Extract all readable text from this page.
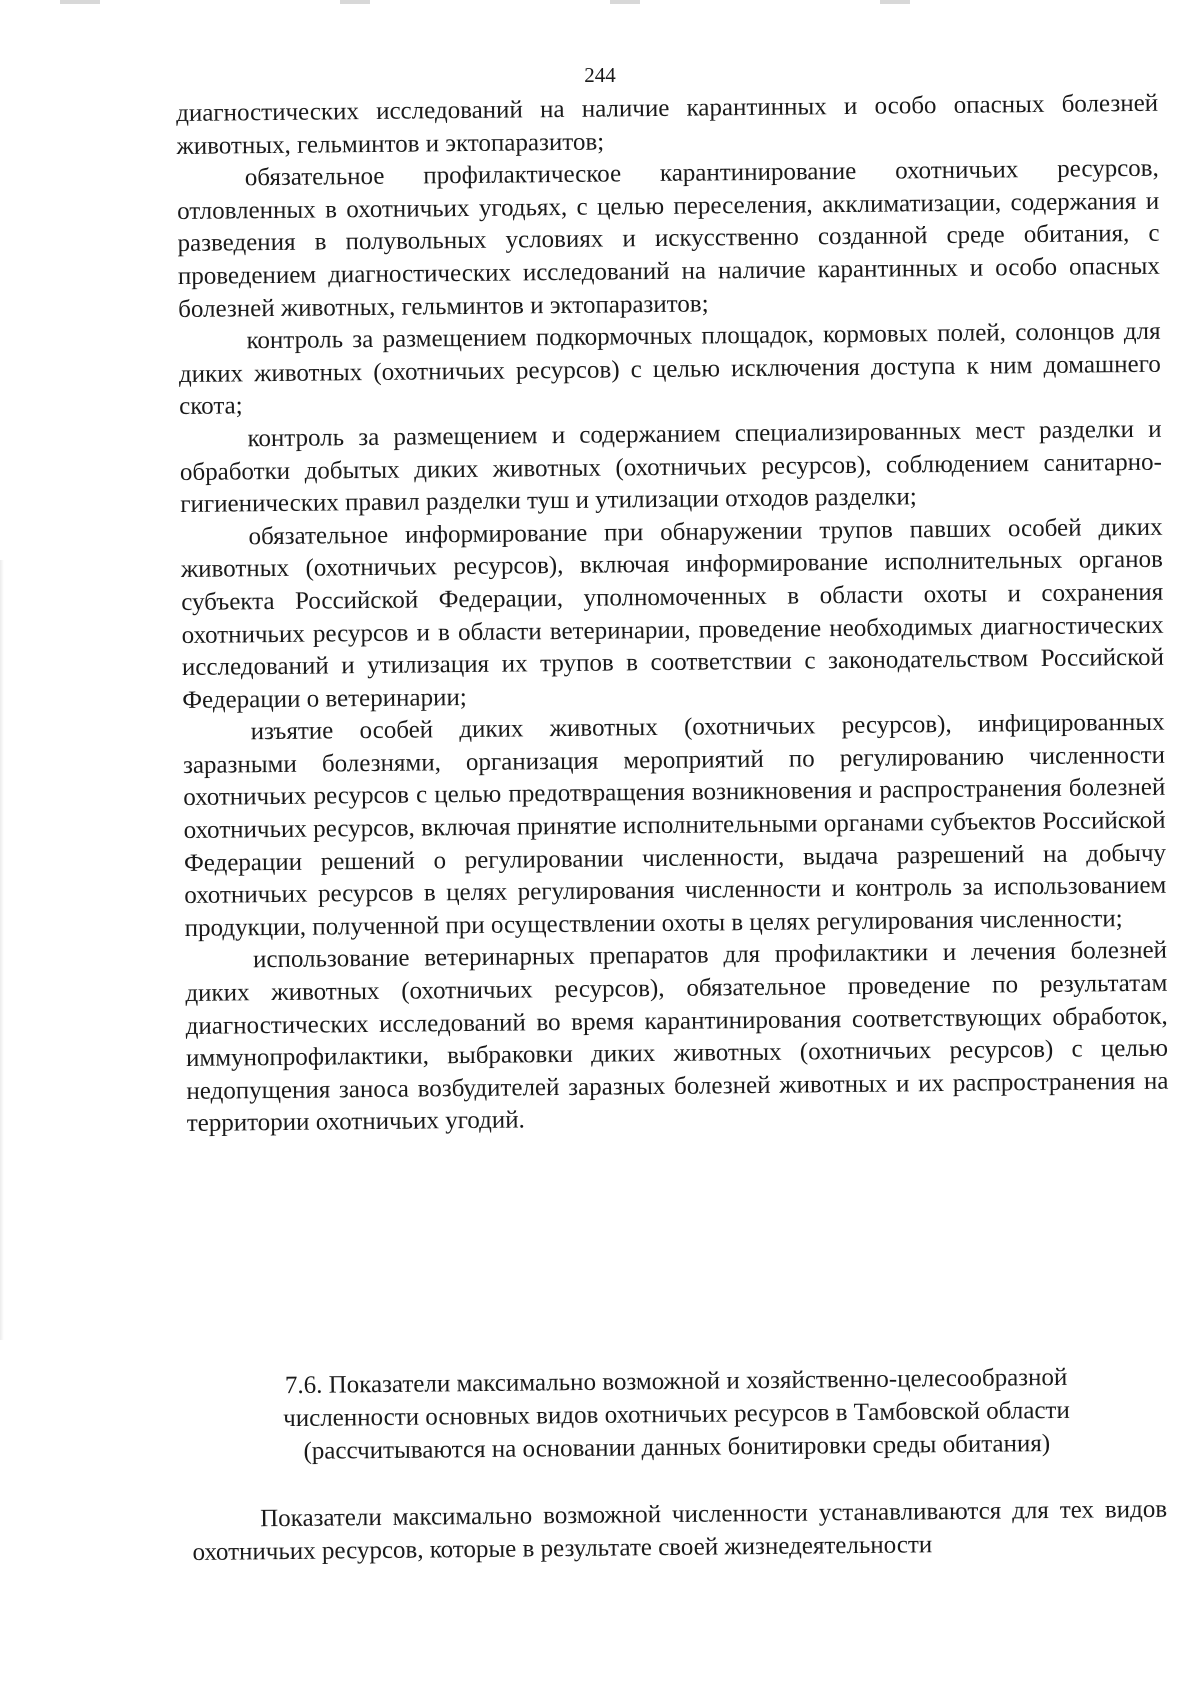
244

диагностических исследований на наличие карантинных и особо опасных болезней животных, гельминтов и эктопаразитов;

обязательное профилактическое карантинирование охотничьих ресурсов, отловленных в охотничьих угодьях, с целью переселения, акклиматизации, содержания и разведения в полувольных условиях и искусственно созданной среде обитания, с проведением диагностических исследований на наличие карантинных и особо опасных болезней животных, гельминтов и эктопаразитов;

контроль за размещением подкормочных площадок, кормовых полей, солонцов для диких животных (охотничьих ресурсов) с целью исключения доступа к ним домашнего скота;

контроль за размещением и содержанием специализированных мест разделки и обработки добытых диких животных (охотничьих ресурсов), соблюдением санитарно-гигиенических правил разделки туш и утилизации отходов разделки;

обязательное информирование при обнаружении трупов павших особей диких животных (охотничьих ресурсов), включая информирование исполнительных органов субъекта Российской Федерации, уполномоченных в области охоты и сохранения охотничьих ресурсов и в области ветеринарии, проведение необходимых диагностических исследований и утилизация их трупов в соответствии с законодательством Российской Федерации о ветеринарии;

изъятие особей диких животных (охотничьих ресурсов), инфицированных заразными болезнями, организация мероприятий по регулированию численности охотничьих ресурсов с целью предотвращения возникновения и распространения болезней охотничьих ресурсов, включая принятие исполнительными органами субъектов Российской Федерации решений о регулировании численности, выдача разрешений на добычу охотничьих ресурсов в целях регулирования численности и контроль за использованием продукции, полученной при осуществлении охоты в целях регулирования численности;

использование ветеринарных препаратов для профилактики и лечения болезней диких животных (охотничьих ресурсов), обязательное проведение по результатам диагностических исследований во время карантинирования соответствующих обработок, иммунопрофилактики, выбраковки диких животных (охотничьих ресурсов) с целью недопущения заноса возбудителей заразных болезней животных и их распространения на территории охотничьих угодий.

7.6. Показатели максимально возможной и хозяйственно-целесообразной
численности основных видов охотничьих ресурсов в Тамбовской области
(рассчитываются на основании данных бонитировки среды обитания)

Показатели максимально возможной численности устанавливаются для тех видов охотничьих ресурсов, которые в результате своей жизнедеятельности
